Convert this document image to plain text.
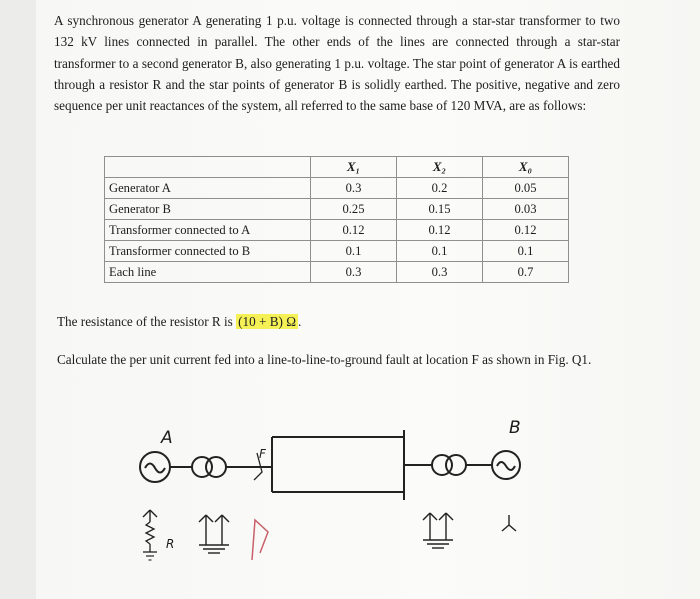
A synchronous generator A generating 1 p.u. voltage is connected through a star-star transformer to two 132 kV lines connected in parallel. The other ends of the lines are connected through a star-star transformer to a second generator B, also generating 1 p.u. voltage. The star point of generator A is earthed through a resistor R and the star points of generator B is solidly earthed. The positive, negative and zero sequence per unit reactances of the system, all referred to the same base of 120 MVA, are as follows:
	X₁	X₂	X₀
Generator A	0.3	0.2	0.05
Generator B	0.25	0.15	0.03
Transformer connected to A	0.12	0.12	0.12
Transformer connected to B	0.1	0.1	0.1
Each line	0.3	0.3	0.7
The resistance of the resistor R is (10 + B) Ω .
Calculate the per unit current fed into a line-to-line-to-ground fault at location F as shown in Fig. Q1.
A	B
F
R
